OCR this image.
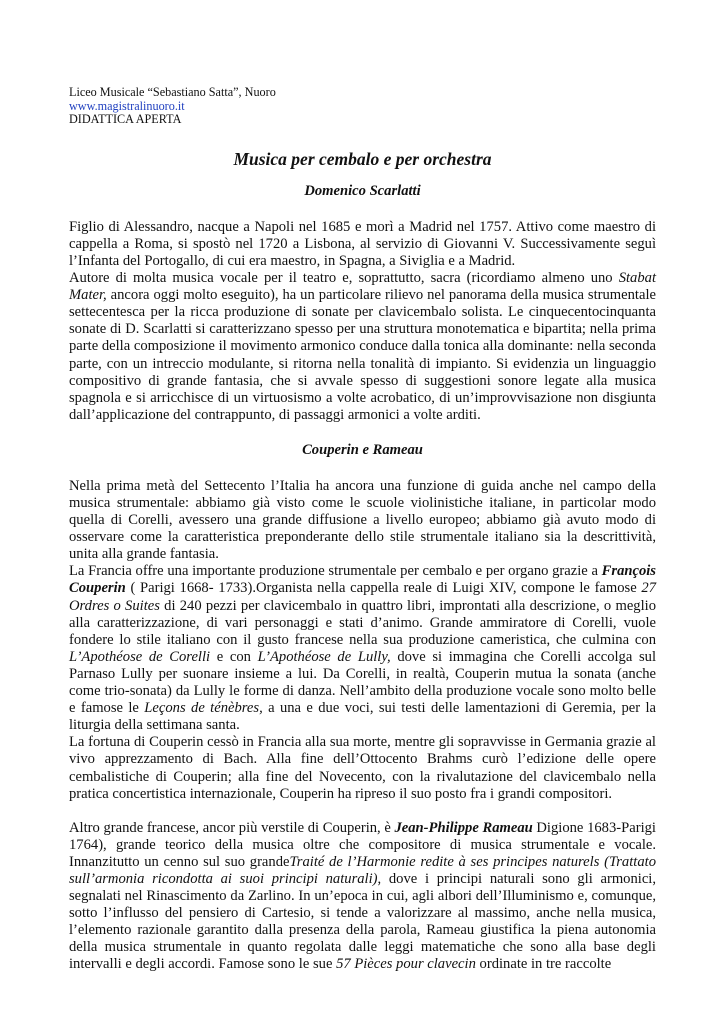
Liceo Musicale “Sebastiano Satta”, Nuoro
www.magistralinuoro.it
DIDATTICA APERTA
Musica per cembalo e per orchestra
Domenico Scarlatti

Figlio di Alessandro, nacque a Napoli nel 1685 e morì a Madrid nel 1757. Attivo come maestro di cappella a Roma, si spostò nel 1720 a Lisbona, al servizio di Giovanni V. Successivamente seguì l’Infanta del Portogallo, di cui era maestro, in Spagna, a Siviglia e a Madrid.

Autore di molta musica vocale per il teatro e, soprattutto, sacra (ricordiamo almeno uno Stabat Mater, ancora oggi molto eseguito), ha un particolare rilievo nel panorama della musica strumentale settecentesca per la ricca produzione di sonate per clavicembalo solista. Le cinquecentocinquanta sonate di D. Scarlatti si caratterizzano spesso per una struttura monotematica e bipartita; nella prima parte della composizione il movimento armonico conduce dalla tonica alla dominante: nella seconda parte, con un intreccio modulante, si ritorna nella tonalità di impianto. Si evidenzia un linguaggio compositivo di grande fantasia, che si avvale spesso di suggestioni sonore legate alla musica spagnola e si arricchisce di un virtuosismo a volte acrobatico, di un’improvvisazione non disgiunta dall’applicazione del contrappunto, di passaggi armonici a volte arditi.

Couperin e Rameau

Nella prima metà del Settecento l’Italia ha ancora una funzione di guida anche nel campo della musica strumentale: abbiamo già visto come le scuole violinistiche italiane, in particolar modo quella di Corelli, avessero una grande diffusione a livello europeo; abbiamo già avuto modo di osservare come la caratteristica preponderante dello stile strumentale italiano sia la descrittività, unita alla grande fantasia.

La Francia offre una importante produzione strumentale per cembalo e per organo grazie a François Couperin ( Parigi 1668- 1733).Organista nella cappella reale di Luigi XIV, compone le famose 27 Ordres o Suites di 240 pezzi per clavicembalo in quattro libri, improntati alla descrizione, o meglio alla caratterizzazione, di vari personaggi e stati d’animo. Grande ammiratore di Corelli, vuole fondere lo stile italiano con il gusto francese nella sua produzione cameristica, che culmina con L’Apothéose de Corelli e con L’Apothéose de Lully, dove si immagina che Corelli accolga sul Parnaso Lully per suonare insieme a lui. Da Corelli, in realtà, Couperin mutua la sonata (anche come trio-sonata) da Lully le forme di danza. Nell’ambito della produzione vocale sono molto belle e famose le Leçons de ténèbres, a una e due voci, sui testi delle lamentazioni di Geremia, per la liturgia della settimana santa.

La fortuna di Couperin cessò in Francia alla sua morte, mentre gli sopravvisse in Germania grazie al vivo apprezzamento di Bach. Alla fine dell’Ottocento Brahms curò l’edizione delle opere cembalistiche di Couperin; alla fine del Novecento, con la rivalutazione del clavicembalo nella pratica concertistica internazionale, Couperin ha ripreso il suo posto fra i grandi compositori.

Altro grande francese, ancor più verstile di Couperin, è Jean-Philippe Rameau Digione 1683-Parigi 1764), grande teorico della musica oltre che compositore di musica strumentale e vocale. Innanzitutto un cenno sul suo grandeTraité de l’Harmonie redite à ses principes naturels (Trattato sull’armonia ricondotta ai suoi principi naturali), dove i principi naturali sono gli armonici, segnalati nel Rinascimento da Zarlino. In un’epoca in cui, agli albori dell’Illuminismo e, comunque, sotto l’influsso del pensiero di Cartesio, si tende a valorizzare al massimo, anche nella musica, l’elemento razionale garantito dalla presenza della parola, Rameau giustifica la piena autonomia della musica strumentale in quanto regolata dalle leggi matematiche che sono alla base degli intervalli e degli accordi. Famose sono le sue 57 Pièces pour clavecin ordinate in tre raccolte
